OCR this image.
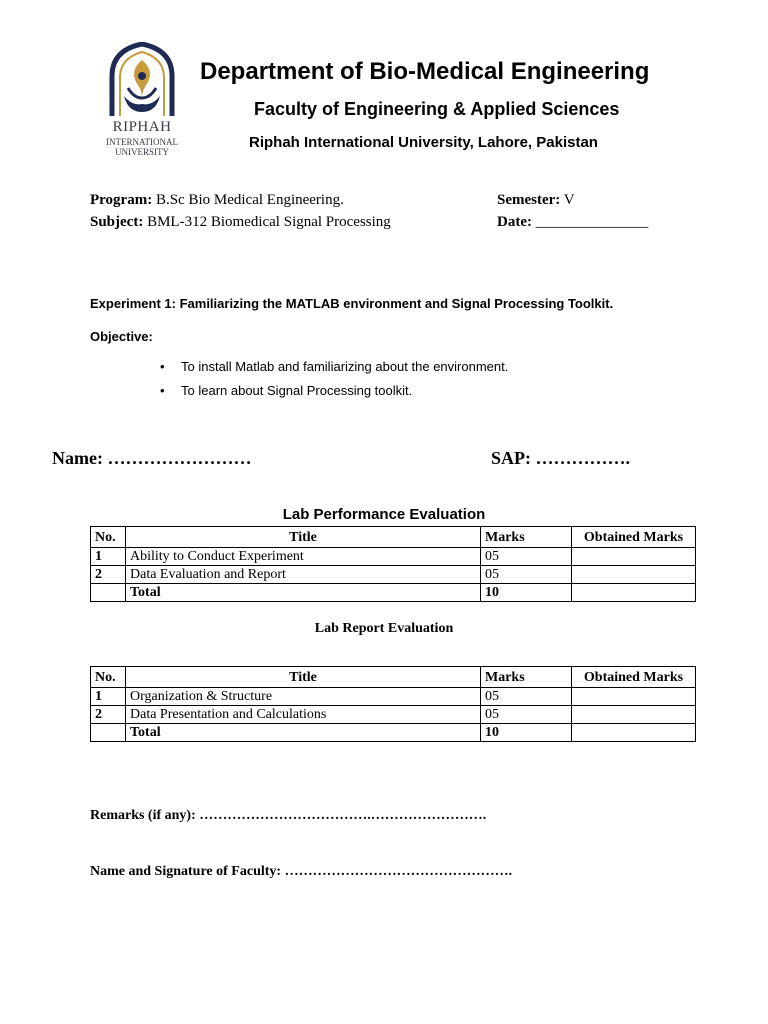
RIPHAH
INTERNATIONAL
UNIVERSITY
Department of Bio-Medical Engineering
Faculty of Engineering & Applied Sciences
Riphah International University, Lahore, Pakistan
Program: B.Sc Bio Medical Engineering.	Semester: V
Subject: BML-312 Biomedical Signal Processing	Date: _______________
Experiment 1: Familiarizing the MATLAB environment and Signal Processing Toolkit.
Objective:
• To install Matlab and familiarizing about the environment.
• To learn about Signal Processing toolkit.
Name: ……………………	SAP: …………….
Lab Performance Evaluation
No.	Title	Marks	Obtained Marks
1	Ability to Conduct Experiment	05	
2	Data Evaluation and Report	05	
	Total	10	
Lab Report Evaluation
No.	Title	Marks	Obtained Marks
1	Organization & Structure	05	
2	Data Presentation and Calculations	05	
	Total	10	
Remarks (if any): ……………………………….…………………….
Name and Signature of Faculty: ………………………………………….
